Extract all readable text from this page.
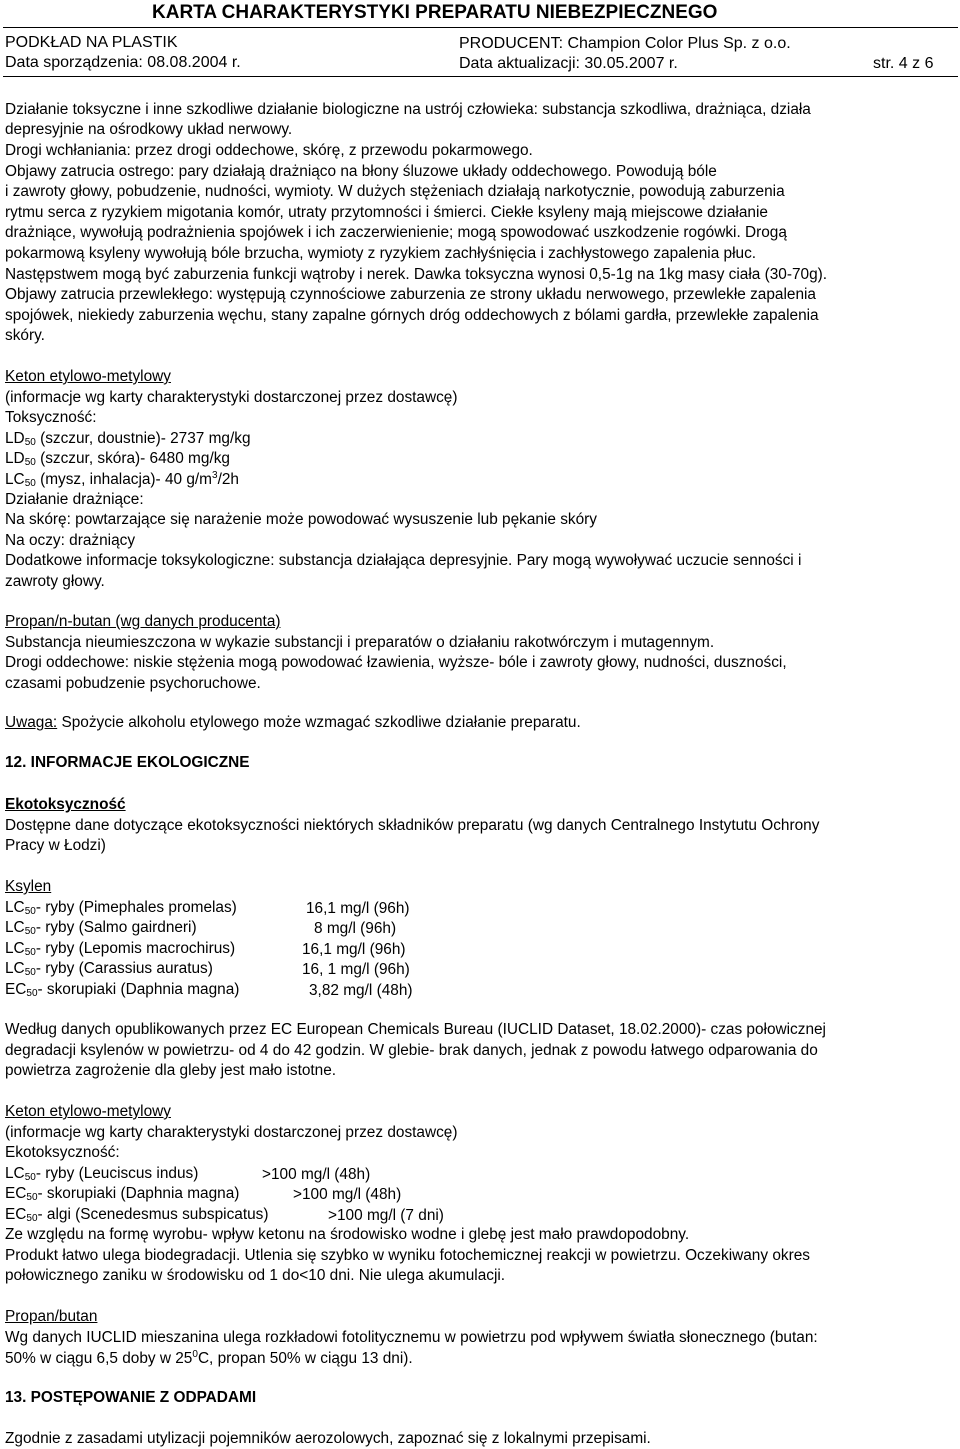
KARTA CHARAKTERYSTYKI PREPARATU NIEBEZPIECZNEGO
PODKŁAD NA PLASTIK	PRODUCENT: Champion Color Plus Sp. z o.o.
Data sporządzenia: 08.08.2004 r.	Data aktualizacji: 30.05.2007 r.	str. 4 z 6
Działanie toksyczne i inne szkodliwe działanie biologiczne na ustrój człowieka: substancja szkodliwa, drażniąca, działa
depresyjnie na ośrodkowy układ nerwowy.
Drogi wchłaniania: przez drogi oddechowe, skórę, z przewodu pokarmowego.
Objawy zatrucia ostrego: pary działają drażniąco na błony śluzowe układy oddechowego. Powodują bóle
i zawroty głowy, pobudzenie, nudności, wymioty. W dużych stężeniach działają narkotycznie, powodują zaburzenia
rytmu serca z ryzykiem migotania komór, utraty przytomności i śmierci. Ciekłe ksyleny mają miejscowe działanie
drażniące, wywołują podrażnienia spojówek i ich zaczerwienienie; mogą spowodować uszkodzenie rogówki. Drogą
pokarmową ksyleny wywołują bóle brzucha, wymioty z ryzykiem zachłyśnięcia i zachłystowego zapalenia płuc.
Następstwem mogą być zaburzenia funkcji wątroby i nerek. Dawka toksyczna wynosi 0,5-1g na 1kg masy ciała (30-70g).
Objawy zatrucia przewlekłego: występują czynnościowe zaburzenia ze strony układu nerwowego, przewlekłe zapalenia
spojówek, niekiedy zaburzenia węchu, stany zapalne górnych dróg oddechowych z bólami gardła, przewlekłe zapalenia
skóry.
Keton etylowo-metylowy
(informacje wg karty charakterystyki dostarczonej przez dostawcę)
Toksyczność:
$LD_{50}$ (szczur, doustnie)- 2737 mg/kg
$LD_{50}$ (szczur, skóra)- 6480 mg/kg
$LC_{50}$ (mysz, inhalacja)- 40 $g/m^3/2h$
Działanie drażniące:
Na skórę: powtarzające się narażenie może powodować wysuszenie lub pękanie skóry
Na oczy: drażniący
Dodatkowe informacje toksykologiczne: substancja działająca depresyjnie. Pary mogą wywoływać uczucie senności i
zawroty głowy.
Propan/n-butan (wg danych producenta)
Substancja nieumieszczona w wykazie substancji i preparatów o działaniu rakotwórczym i mutagennym.
Drogi oddechowe: niskie stężenia mogą powodować łzawienia, wyższe- bóle i zawroty głowy, nudności, duszności,
czasami pobudzenie psychoruchowe.
Uwaga: Spożycie alkoholu etylowego może wzmagać szkodliwe działanie preparatu.
12. INFORMACJE EKOLOGICZNE
Ekotoksyczność
Dostępne dane dotyczące ekotoksyczności niektórych składników preparatu (wg danych Centralnego Instytutu Ochrony
Pracy w Łodzi)
Ksylen
$LC_{50}-$ ryby (Pimephales promelas)	16,1 mg/l (96h)
$LC_{50}-$ ryby (Salmo gairdneri)	8 mg/l (96h)
$LC_{50}-$ ryby (Lepomis macrochirus)	16,1 mg/l (96h)
$LC_{50}-$ ryby (Carassius auratus)	16, 1 mg/l (96h)
$EC_{50}-$ skorupiaki (Daphnia magna)	3,82 mg/l (48h)
Według danych opublikowanych przez EC European Chemicals Bureau (IUCLID Dataset, 18.02.2000)- czas połowicznej
degradacji ksylenów w powietrzu- od 4 do 42 godzin. W glebie- brak danych, jednak z powodu łatwego odparowania do
powietrza zagrożenie dla gleby jest mało istotne.
Keton etylowo-metylowy
(informacje wg karty charakterystyki dostarczonej przez dostawcę)
Ekotoksyczność:
$LC_{50}-$ ryby (Leuciscus indus)	>100 mg/l (48h)
$EC_{50}-$ skorupiaki (Daphnia magna)	>100 mg/l (48h)
$EC_{50}-$ algi (Scenedesmus subspicatus)	>100 mg/l (7 dni)
Ze względu na formę wyrobu- wpływ ketonu na środowisko wodne i glebę jest mało prawdopodobny.
Produkt łatwo ulega biodegradacji. Utlenia się szybko w wyniku fotochemicznej reakcji w powietrzu. Oczekiwany okres
połowicznego zaniku w środowisku od 1 do<10 dni. Nie ulega akumulacji.
Propan/butan
Wg danych IUCLID mieszanina ulega rozkładowi fotolitycznemu w powietrzu pod wpływem światła słonecznego (butan:
50% w ciągu 6,5 doby w $25^0C$, propan 50% w ciągu 13 dni).
13. POSTĘPOWANIE Z ODPADAMI
Zgodnie z zasadami utylizacji pojemników aerozolowych, zapoznać się z lokalnymi przepisami.
